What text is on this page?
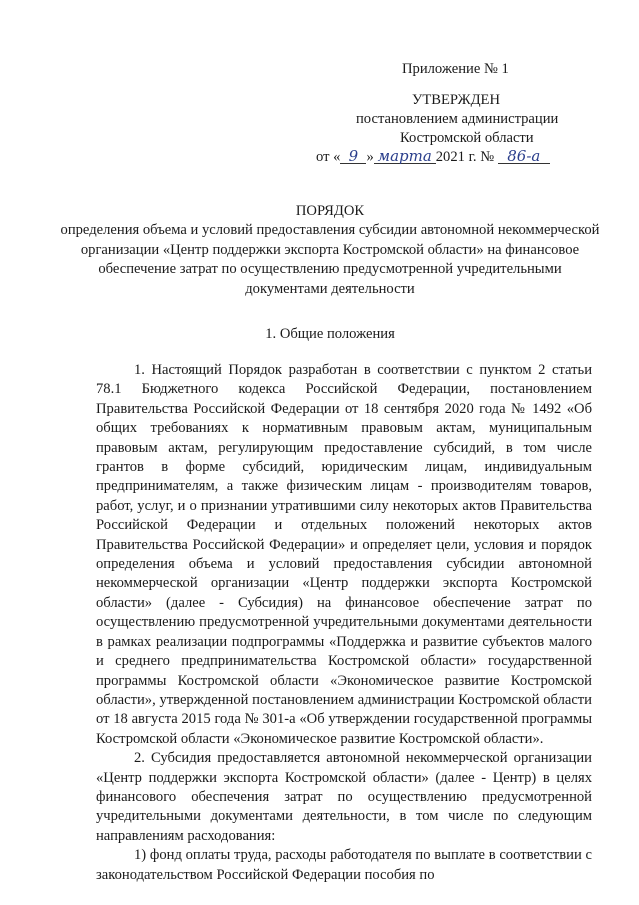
Приложение № 1
УТВЕРЖДЕН
постановлением администрации
Костромской области
от « 9 » марта 2021 г. № 86-а
ПОРЯДОК
определения объема и условий предоставления субсидии автономной некоммерческой организации «Центр поддержки экспорта Костромской области» на финансовое обеспечение затрат по осуществлению предусмотренной учредительными документами деятельности
1. Общие положения

1. Настоящий Порядок разработан в соответствии с пунктом 2 статьи 78.1 Бюджетного кодекса Российской Федерации, постановлением Правительства Российской Федерации от 18 сентября 2020 года № 1492 «Об общих требованиях к нормативным правовым актам, муниципальным правовым актам, регулирующим предоставление субсидий, в том числе грантов в форме субсидий, юридическим лицам, индивидуальным предпринимателям, а также физическим лицам - производителям товаров, работ, услуг, и о признании утратившими силу некоторых актов Правительства Российской Федерации и отдельных положений некоторых актов Правительства Российской Федерации» и определяет цели, условия и порядок определения объема и условий предоставления субсидии автономной некоммерческой организации «Центр поддержки экспорта Костромской области» (далее - Субсидия) на финансовое обеспечение затрат по осуществлению предусмотренной учредительными документами деятельности в рамках реализации подпрограммы «Поддержка и развитие субъектов малого и среднего предпринимательства Костромской области» государственной программы Костромской области «Экономическое развитие Костромской области», утвержденной постановлением администрации Костромской области от 18 августа 2015 года № 301-а «Об утверждении государственной программы Костромской области «Экономическое развитие Костромской области».

2. Субсидия предоставляется автономной некоммерческой организации «Центр поддержки экспорта Костромской области» (далее - Центр) в целях финансового обеспечения затрат по осуществлению предусмотренной учредительными документами деятельности, в том числе по следующим направлениям расходования:

1) фонд оплаты труда, расходы работодателя по выплате в соответствии с законодательством Российской Федерации пособия по
